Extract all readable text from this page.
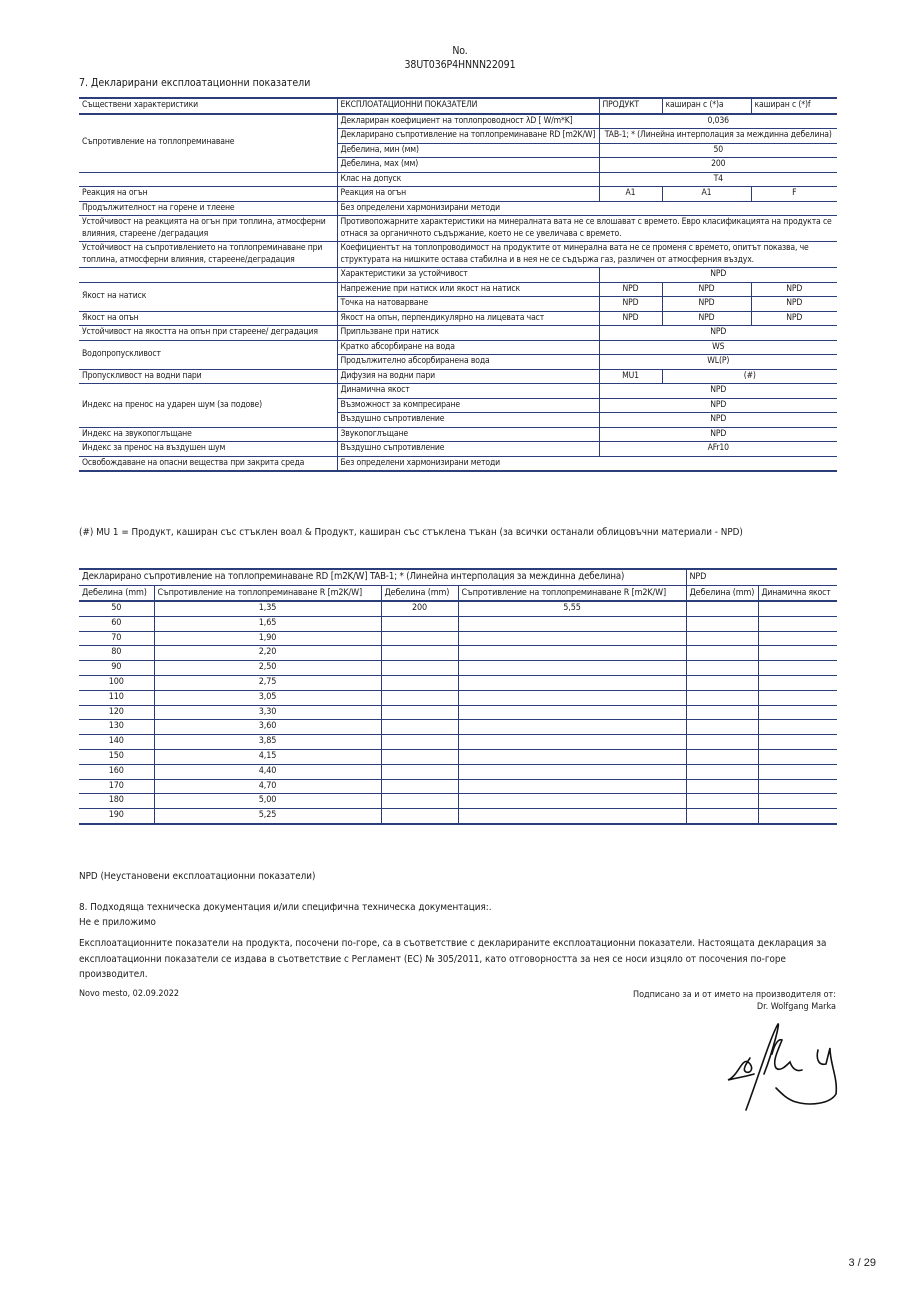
No.
38UT036P4HNNN22091
7. Декларирани експлоатационни показатели
Съществени характеристики	ЕКСПЛОАТАЦИОННИ ПОКАЗАТЕЛИ	ПРОДУКТ	каширан с (*)a	каширан с (*)f
Съпротивление на топлопреминаване	Деклариран коефициент на топлопроводност λD [ W/m*K]	0,036		
	Декларирано съпротивление на топлопреминаване RD [m2K/W]	TAB-1; * (Линейна интерполация за междинна дебелина)		
	Дебелина, мин (мм)	50		
	Дебелина, мах (мм)	200		
	Клас на допуск	T4		
Реакция на огън	Реакция на огън	A1	A1	F
Продължителност на горене и тлеене	Без определени хармонизирани методи			
Устойчивост на реакцията на огън при топлина, атмосферни влияния, стареене /деградация	Противопожарните характеристики на минералната вата не се влошават с времето. Евро класификацията на продукта се отнася за органичното съдържание, което не се увеличава с времето.			
Устойчивост на съпротивлението на топлопреминаване при топлина, атмосферни влияния, стареене/деградация	Коефициентът на топлопроводимост на продуктите от минерална вата не се променя с времето, опитът показва, че структурата на нишките остава стабилна и в нея не се съдържа газ, различен от атмосферния въздух.			
	Характеристики за устойчивост	NPD		
Якост на натиск	Напрежение при натиск или якост на натиск	NPD	NPD	NPD
	Точка на натоварване	NPD	NPD	NPD
Якост на опън	Якост на опън, перпендикулярно на лицевата част	NPD	NPD	NPD
Устойчивост на якостта на опън при стареене/ деградация	Припльзване при натиск	NPD		
Водопропускливост	Кратко абсорбиране на вода	WS		
	Продължително абсорбиранена вода	WL(P)		
Пропускливост на водни пари	Дифузия на водни пари	MU1	(#)	
Индекс на пренос на ударен шум (за подове)	Динамична якост	NPD		
	Възможност за компресиране	NPD		
	Въздушно съпротивление	NPD		
Индекс на звукопоглъщане	Звукопоглъщане	NPD		
Индекс за пренос на въздушен шум	Въздушно съпротивление	AFr10		
Освобождаване на опасни вещества при закрита среда	Без определени хармонизирани методи			
(#) MU 1 = Продукт, каширан със стъклен воал & Продукт, каширан със стъклена тъкан (за всички останали облицовъчни материали - NPD)
Декларирано съпротивление на топлопреминаване RD [m2K/W] TAB-1; * (Линейна интерполация за междинна дебелина)				NPD	
Дебелина (mm)	Съпротивление на топлопреминаване R [m2K/W]	Дебелина (mm)	Съпротивление на топлопреминаване R [m2K/W]	Дебелина (mm)	Динамична якост
50	1,35	200	5,55		
60	1,65				
70	1,90				
80	2,20				
90	2,50				
100	2,75				
110	3,05				
120	3,30				
130	3,60				
140	3,85				
150	4,15				
160	4,40				
170	4,70				
180	5,00				
190	5,25				
NPD (Неустановени експлоатационни показатели)
8. Подходяща техническа документация и/или специфична техническа документация:.
Не е приложимо
Експлоатационните показатели на продукта, посочени по-горе, са в съответствие с декларираните експлоатационни показатели. Настоящата декларация за експлоатационни показатели се издава в съответствие с Регламент (ЕС) № 305/2011, като отговорността за нея се носи изцяло от посочения по-горе производител.
Novo mesto, 02.09.2022	Подписано за и от името на производителя от:
Dr. Wolfgang Marka
3 / 29
